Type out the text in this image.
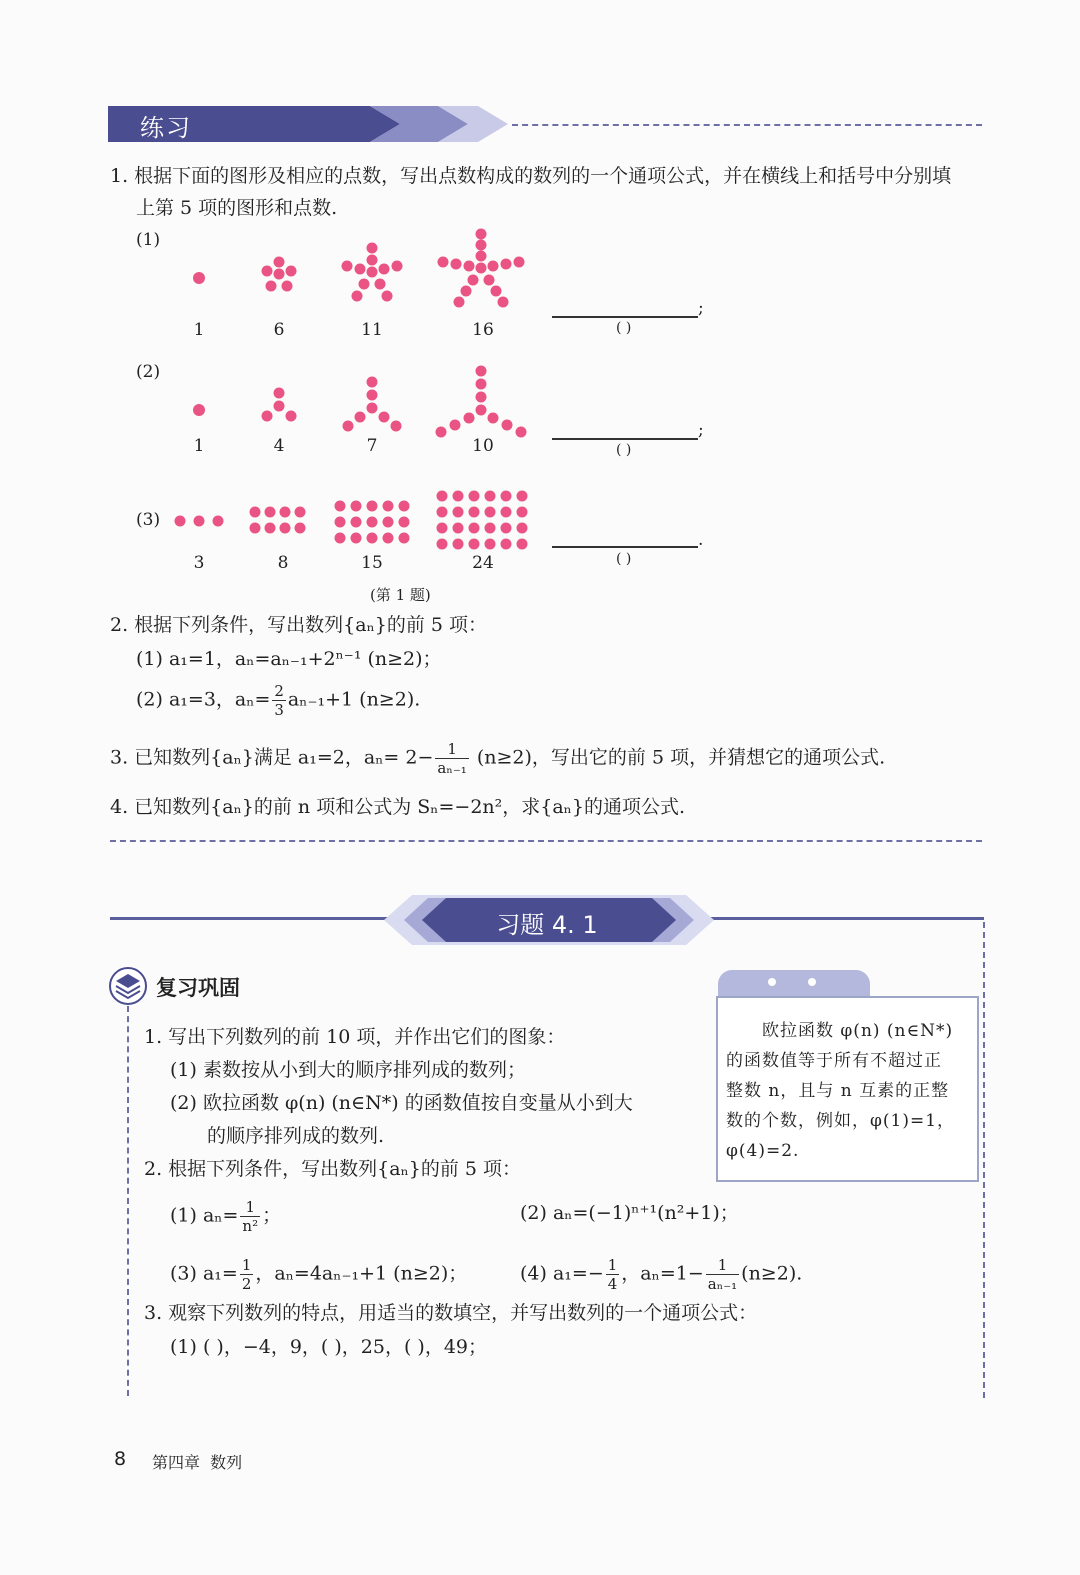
练习
1. 根据下面的图形及相应的点数，写出点数构成的数列的一个通项公式，并在横线上和括号中分别填
上第 5 项的图形和点数.
(1)
(2)
(3)
1	6	11	16
1	4	7	10
3	8	15	24
;
( )
;
( )
.
( )
(第 1 题)
2. 根据下列条件，写出数列{aₙ}的前 5 项：
(1) a₁=1，aₙ=aₙ₋₁+2ⁿ⁻¹ (n≥2)；
(2) a₁=3，$a_n= \frac{2}{3} a_{n-1}+1$ (n≥2).
3. 已知数列{aₙ}满足 a₁=2，$a_n= 2- \frac{1}{\text{aₙ₋₁}} (n\ge 2)$，写出它的前 5 项，并猜想它的通项公式.
4. 已知数列{aₙ}的前 n 项和公式为 Sₙ=−2n²，求{aₙ}的通项公式.
习题 4. 1
复习巩固
欧拉函数 φ(n) (n∈N*)
的函数值等于所有不超过正
整数 n，且与 n 互素的正整
数的个数，例如，φ(1)=1，
φ(4)=2.
1. 写出下列数列的前 10 项，并作出它们的图象：
(1) 素数按从小到大的顺序排列成的数列；
(2) 欧拉函数 φ(n) (n∈N*) 的函数值按自变量从小到大
的顺序排列成的数列.
2. 根据下列条件，写出数列{aₙ}的前 5 项：
(1) $a_n= \frac{1}{\text{n²}}$ ；	(2) aₙ=(−1)ⁿ⁺¹(n²+1)；
(3) $a_1= \frac{1}{2}$ ，aₙ=4aₙ₋₁+1 (n≥2)；	(4) $a_1=- \frac{1}{4}$ ，$a_n=1- \frac{1}{\text{aₙ₋₁}} (n\ge 2)$.
3. 观察下列数列的特点，用适当的数填空，并写出数列的一个通项公式：
(1) ( )，−4，9，( )，25，( )，49；
8 第四章  数列
